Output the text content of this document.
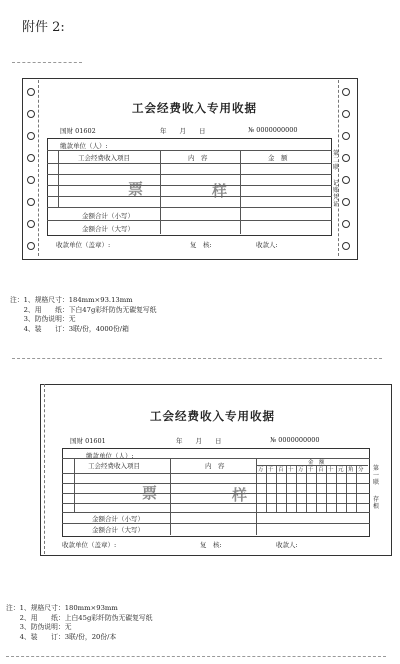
附件 2:
工会经费收入专用收据
国财 01602	年　　月　　日	№ 0000000000
缴款单位（人）:
工会经费收入项目	内　容	金　额
票	样
金额合计（小写）
金额合计（大写）
收款单位（盖章）:	复　核:	收款人:
第二联
记账凭证
注：1、规格尺寸：184mm×93.13mm
　　2、用　　纸：下白47g彩纤防伪无碳复写纸
　　3、防伪说明：无
　　4、装　　订：3联/份，4000份/箱
工会经费收入专用收据
国财 01601	年　　月　　日	№ 0000000000
缴款单位（人）:
工会经费收入项目	内　容	金　额
万 千 百 十 万 千 百 十 元 角 分
票	样
金额合计（小写）
金额合计（大写）
收款单位（盖章）:	复　核:	收款人:
第一联
存根
注：1、规格尺寸：180mm×93mm
　　2、用　　纸：上白45g彩纤防伪无碳复写纸
　　3、防伪说明：无
　　4、装　　订：3联/份，20份/本
